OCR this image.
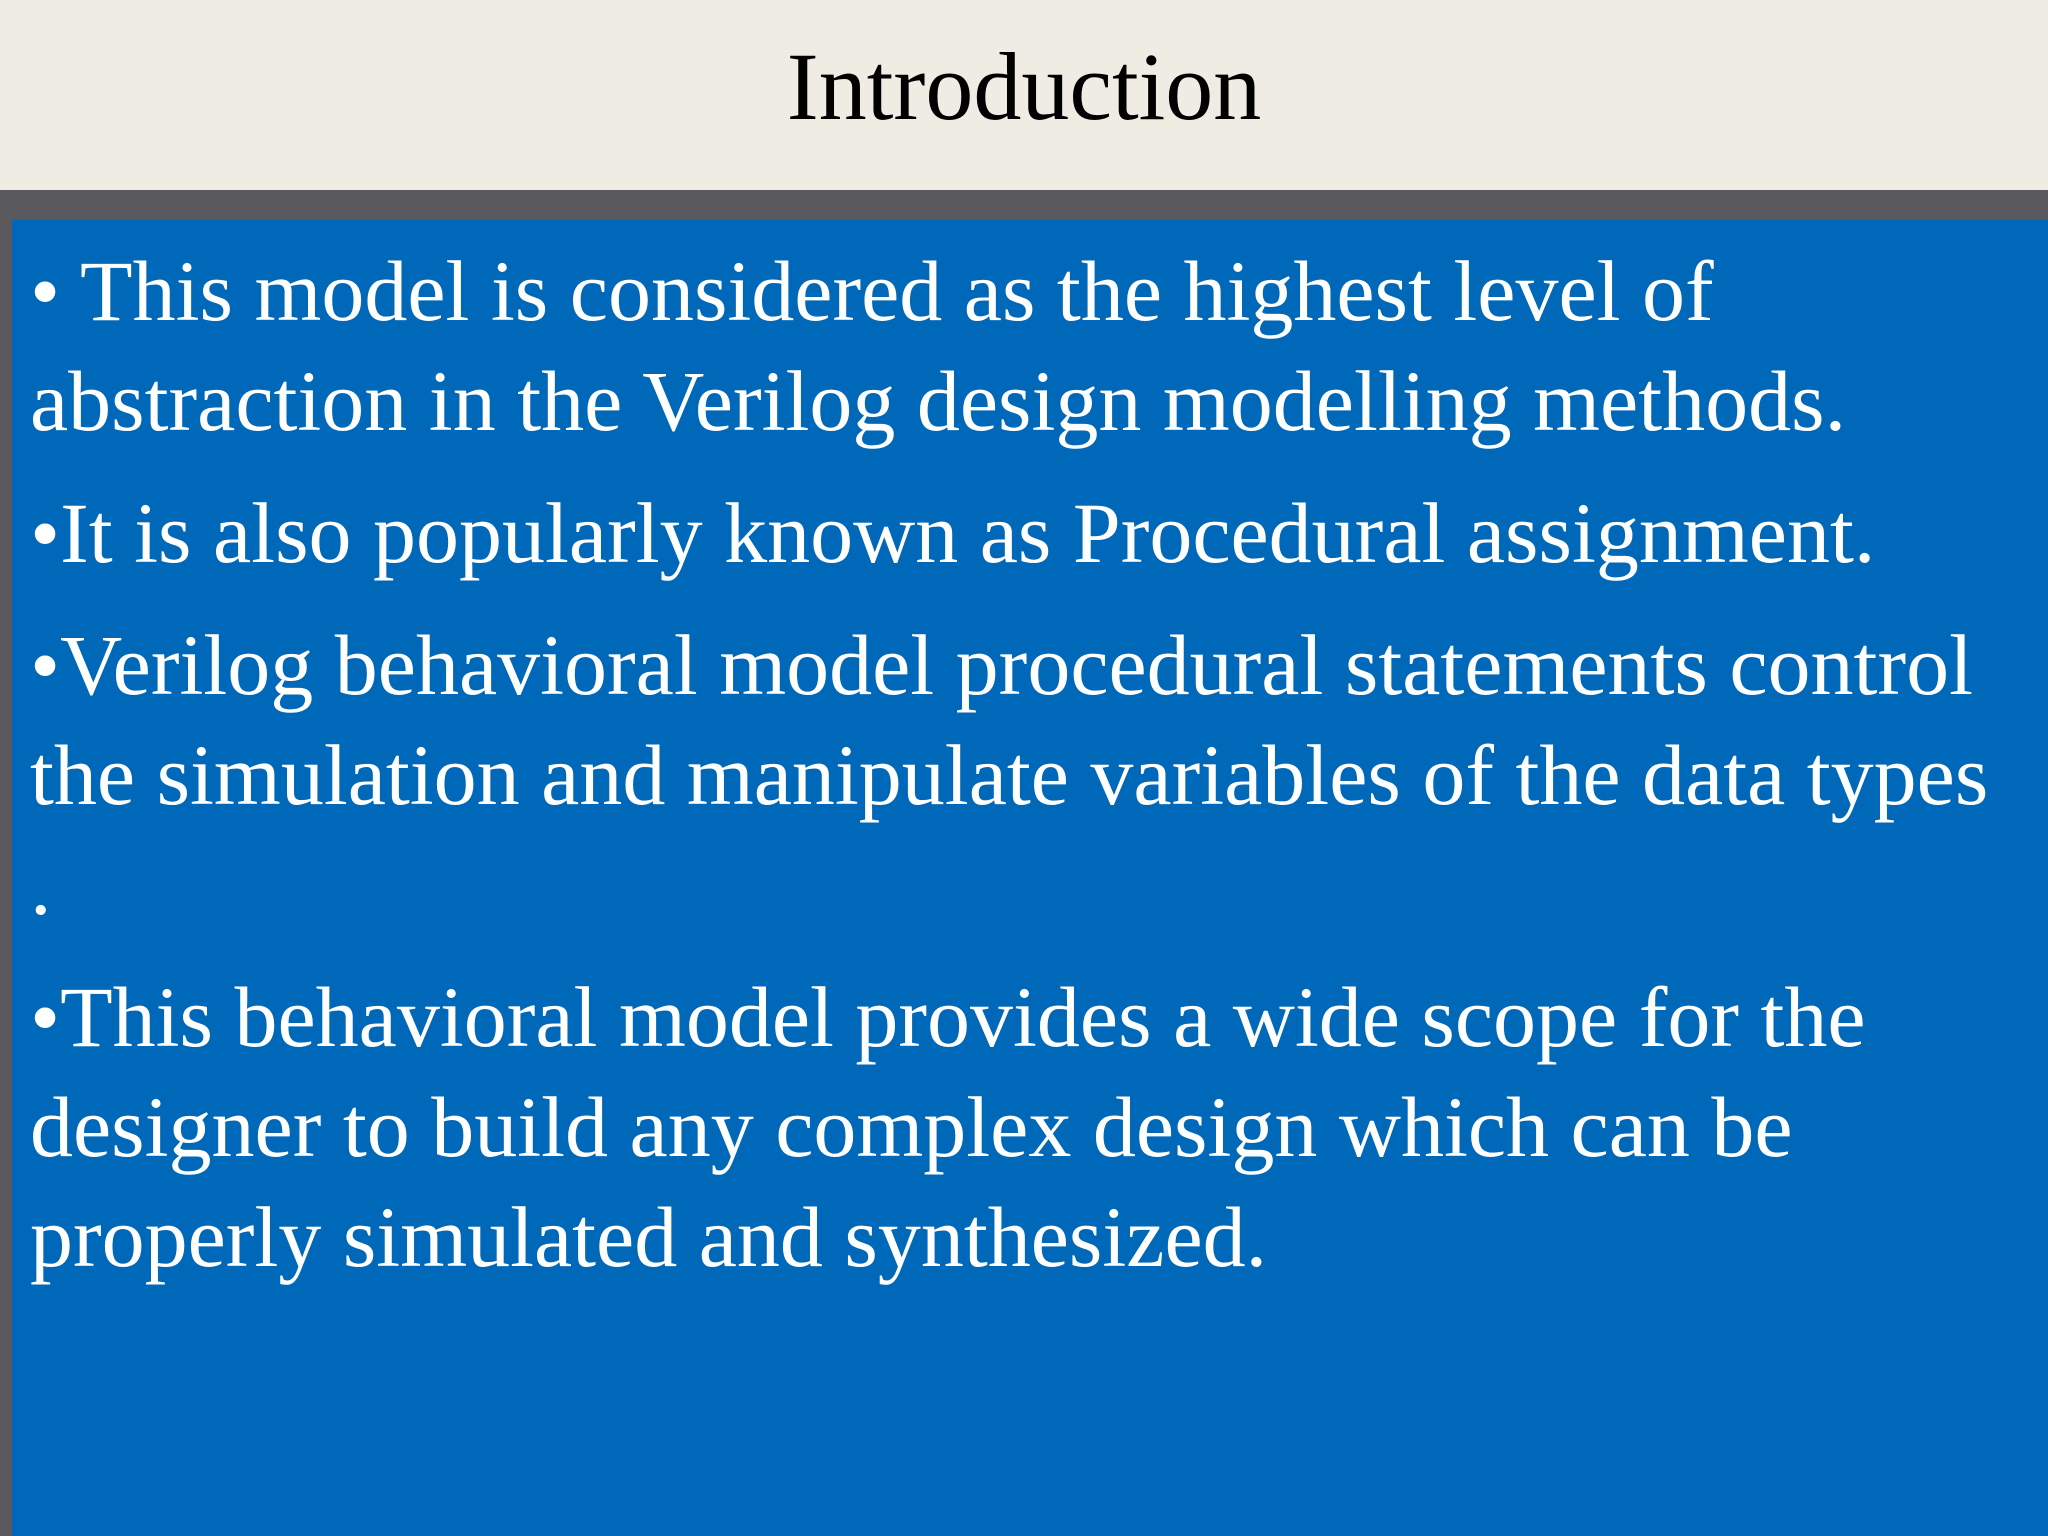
Introduction
• This model is considered as the highest level of abstraction in the Verilog design modelling methods.
•It is also popularly known as Procedural assignment.
•Verilog behavioral model procedural statements control the simulation and manipulate variables of the data types .
•This behavioral model provides a wide scope for the designer to build any complex design which can be properly simulated and synthesized.
